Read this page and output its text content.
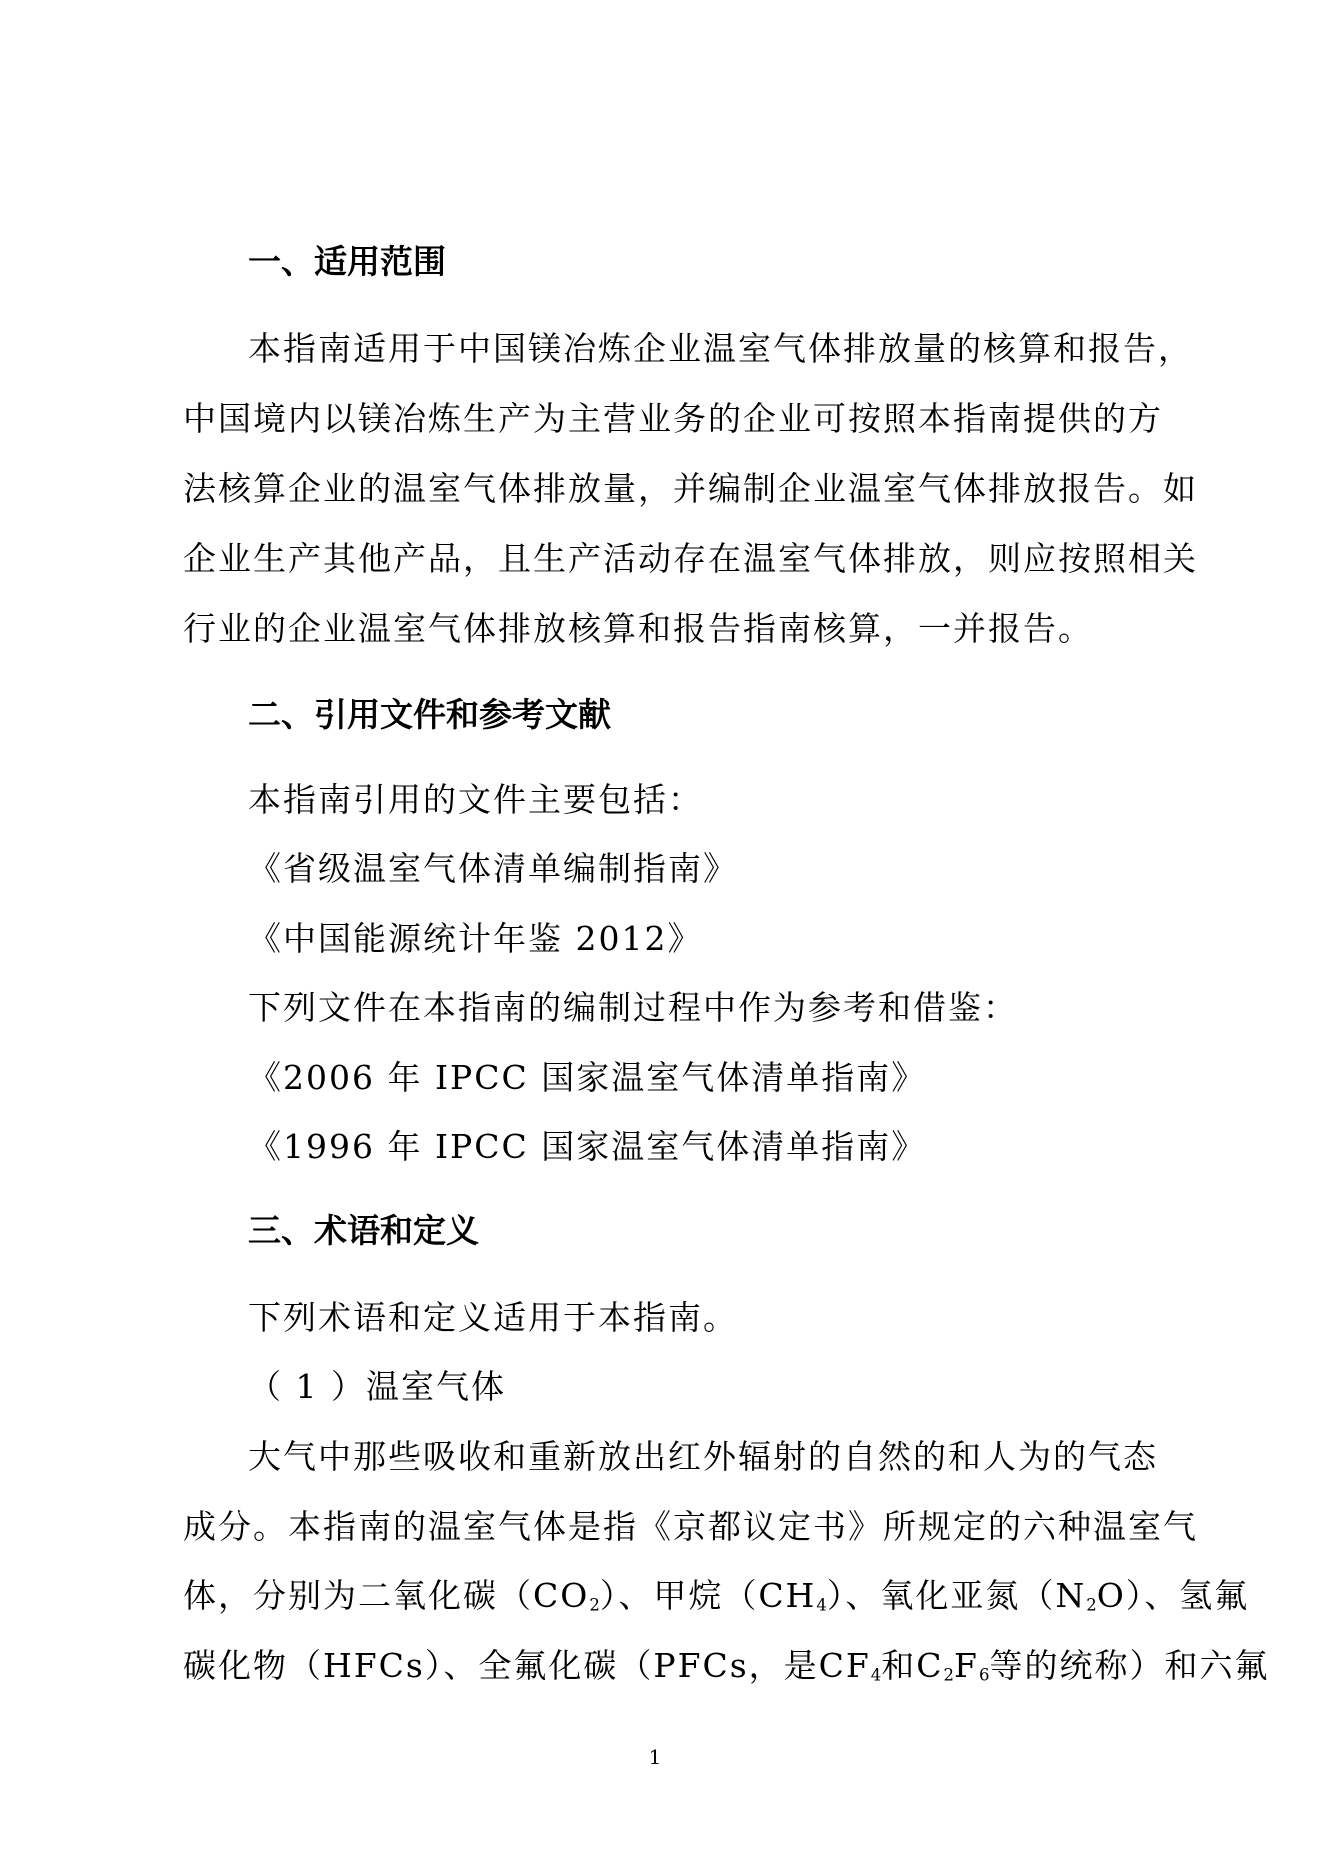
一、适用范围
本指南适用于中国镁冶炼企业温室气体排放量的核算和报告，
中国境内以镁冶炼生产为主营业务的企业可按照本指南提供的方
法核算企业的温室气体排放量，并编制企业温室气体排放报告。如
企业生产其他产品，且生产活动存在温室气体排放，则应按照相关
行业的企业温室气体排放核算和报告指南核算，一并报告。
二、引用文件和参考文献
本指南引用的文件主要包括：
《省级温室气体清单编制指南》
《中国能源统计年鉴 2012》
下列文件在本指南的编制过程中作为参考和借鉴：
《2006 年 IPCC 国家温室气体清单指南》
《1996 年 IPCC 国家温室气体清单指南》
三、术语和定义
下列术语和定义适用于本指南。
（ 1 ）温室气体
大气中那些吸收和重新放出红外辐射的自然的和人为的气态
成分。本指南的温室气体是指《京都议定书》所规定的六种温室气
体，分别为二氧化碳$(CO_2)$、甲烷$(CH_4)$、氧化亚氮$(N_2O)$、氢氟
碳化物（HFCs）、全氟化碳（PFCs，是$CF_4$和$C_2F_6$等的统称）和六氟
1
